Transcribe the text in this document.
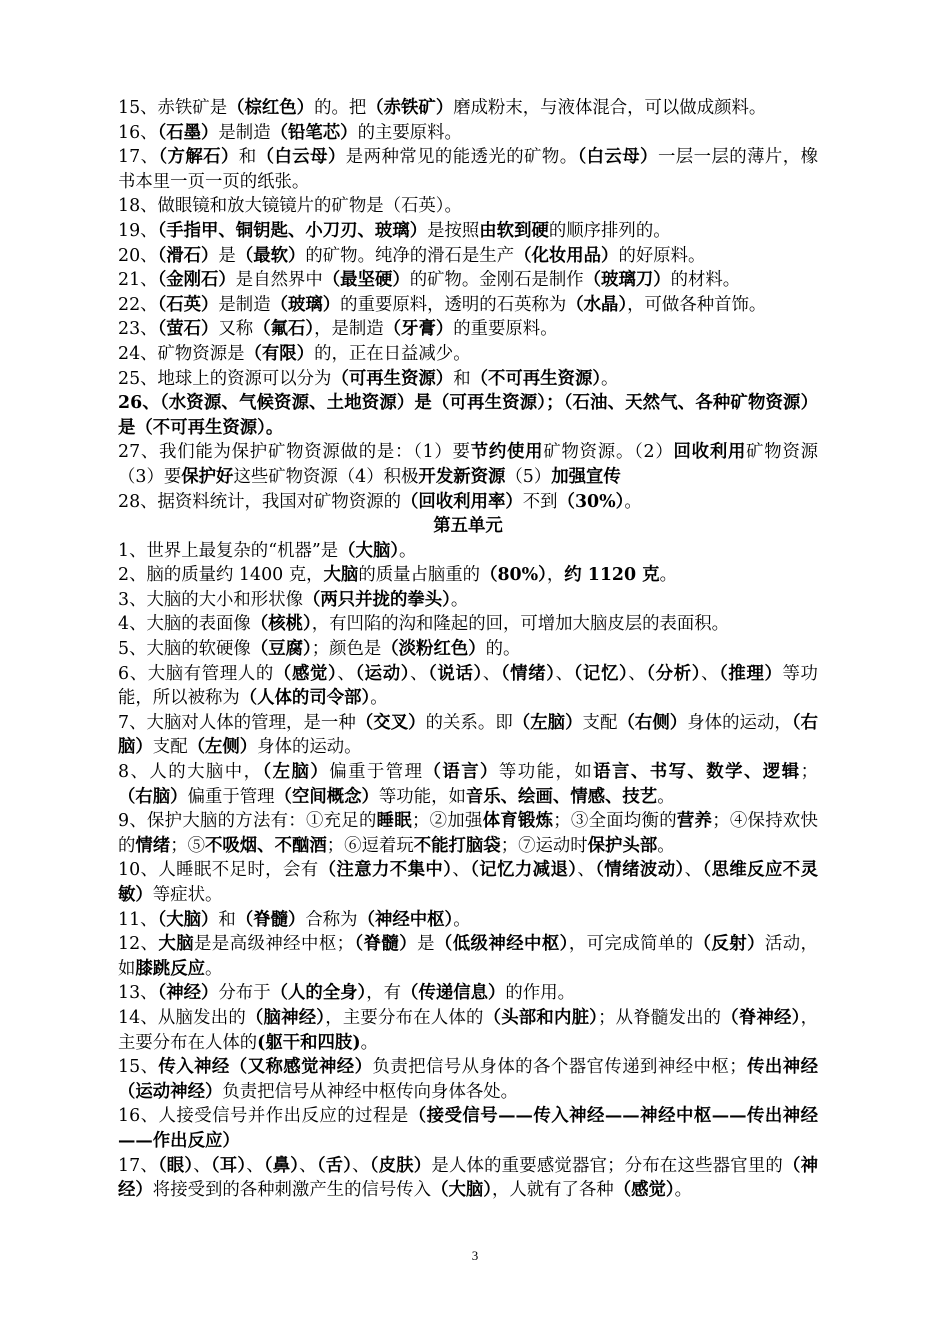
15、赤铁矿是（棕红色）的。把（赤铁矿）磨成粉末，与液体混合，可以做成颜料。

16、（石墨）是制造（铅笔芯）的主要原料。

17、（方解石）和（白云母）是两种常见的能透光的矿物。（白云母）一层一层的薄片，橡书本里一页一页的纸张。

18、做眼镜和放大镜镜片的矿物是（石英）。

19、（手指甲、铜钥匙、小刀刃、玻璃）是按照由软到硬的顺序排列的。

20、（滑石）是（最软）的矿物。纯净的滑石是生产（化妆用品）的好原料。

21、（金刚石）是自然界中（最坚硬）的矿物。金刚石是制作（玻璃刀）的材料。

22、（石英）是制造（玻璃）的重要原料，透明的石英称为（水晶），可做各种首饰。

23、（萤石）又称（氟石），是制造（牙膏）的重要原料。

24、矿物资源是（有限）的，正在日益减少。

25、地球上的资源可以分为（可再生资源）和（不可再生资源）。

26、（水资源、气候资源、土地资源）是（可再生资源）；（石油、天然气、各种矿物资源）是（不可再生资源）。

27、我们能为保护矿物资源做的是：（1）要节约使用矿物资源。（2）回收利用矿物资源（3）要保护好这些矿物资源（4）积极开发新资源（5）加强宣传

28、据资料统计，我国对矿物资源的（回收利用率）不到（30%）。

第五单元

1、世界上最复杂的“机器”是（大脑）。

2、脑的质量约 1400 克，大脑的质量占脑重的（80%），约 1120 克。

3、大脑的大小和形状像（两只并拢的拳头）。

4、大脑的表面像（核桃），有凹陷的沟和隆起的回，可增加大脑皮层的表面积。

5、大脑的软硬像（豆腐）；颜色是（淡粉红色）的。

6、大脑有管理人的（感觉）、（运动）、（说话）、（情绪）、（记忆）、（分析）、（推理）等功能，所以被称为（人体的司令部）。

7、大脑对人体的管理，是一种（交叉）的关系。即（左脑）支配（右侧）身体的运动，（右脑）支配（左侧）身体的运动。

8、人的大脑中，（左脑）偏重于管理（语言）等功能，如语言、书写、数学、逻辑；（右脑）偏重于管理（空间概念）等功能，如音乐、绘画、情感、技艺。

9、保护大脑的方法有：①充足的睡眠；②加强体育锻炼；③全面均衡的营养；④保持欢快的情绪；⑤不吸烟、不酗酒；⑥逗着玩不能打脑袋；⑦运动时保护头部。

10、人睡眠不足时，会有（注意力不集中）、（记忆力减退）、（情绪波动）、（思维反应不灵敏）等症状。

11、（大脑）和（脊髓）合称为（神经中枢）。

12、大脑是是高级神经中枢；（脊髓）是（低级神经中枢），可完成简单的（反射）活动，如膝跳反应。

13、（神经）分布于（人的全身），有（传递信息）的作用。

14、从脑发出的（脑神经），主要分布在人体的（头部和内脏）；从脊髓发出的（脊神经），主要分布在人体的(躯干和四肢)。

15、传入神经（又称感觉神经）负责把信号从身体的各个器官传递到神经中枢；传出神经（运动神经）负责把信号从神经中枢传向身体各处。

16、人接受信号并作出反应的过程是（接受信号——传入神经——神经中枢——传出神经——作出反应）

17、（眼）、（耳）、（鼻）、（舌）、（皮肤）是人体的重要感觉器官；分布在这些器官里的（神经）将接受到的各种刺激产生的信号传入（大脑），人就有了各种（感觉）。

3
